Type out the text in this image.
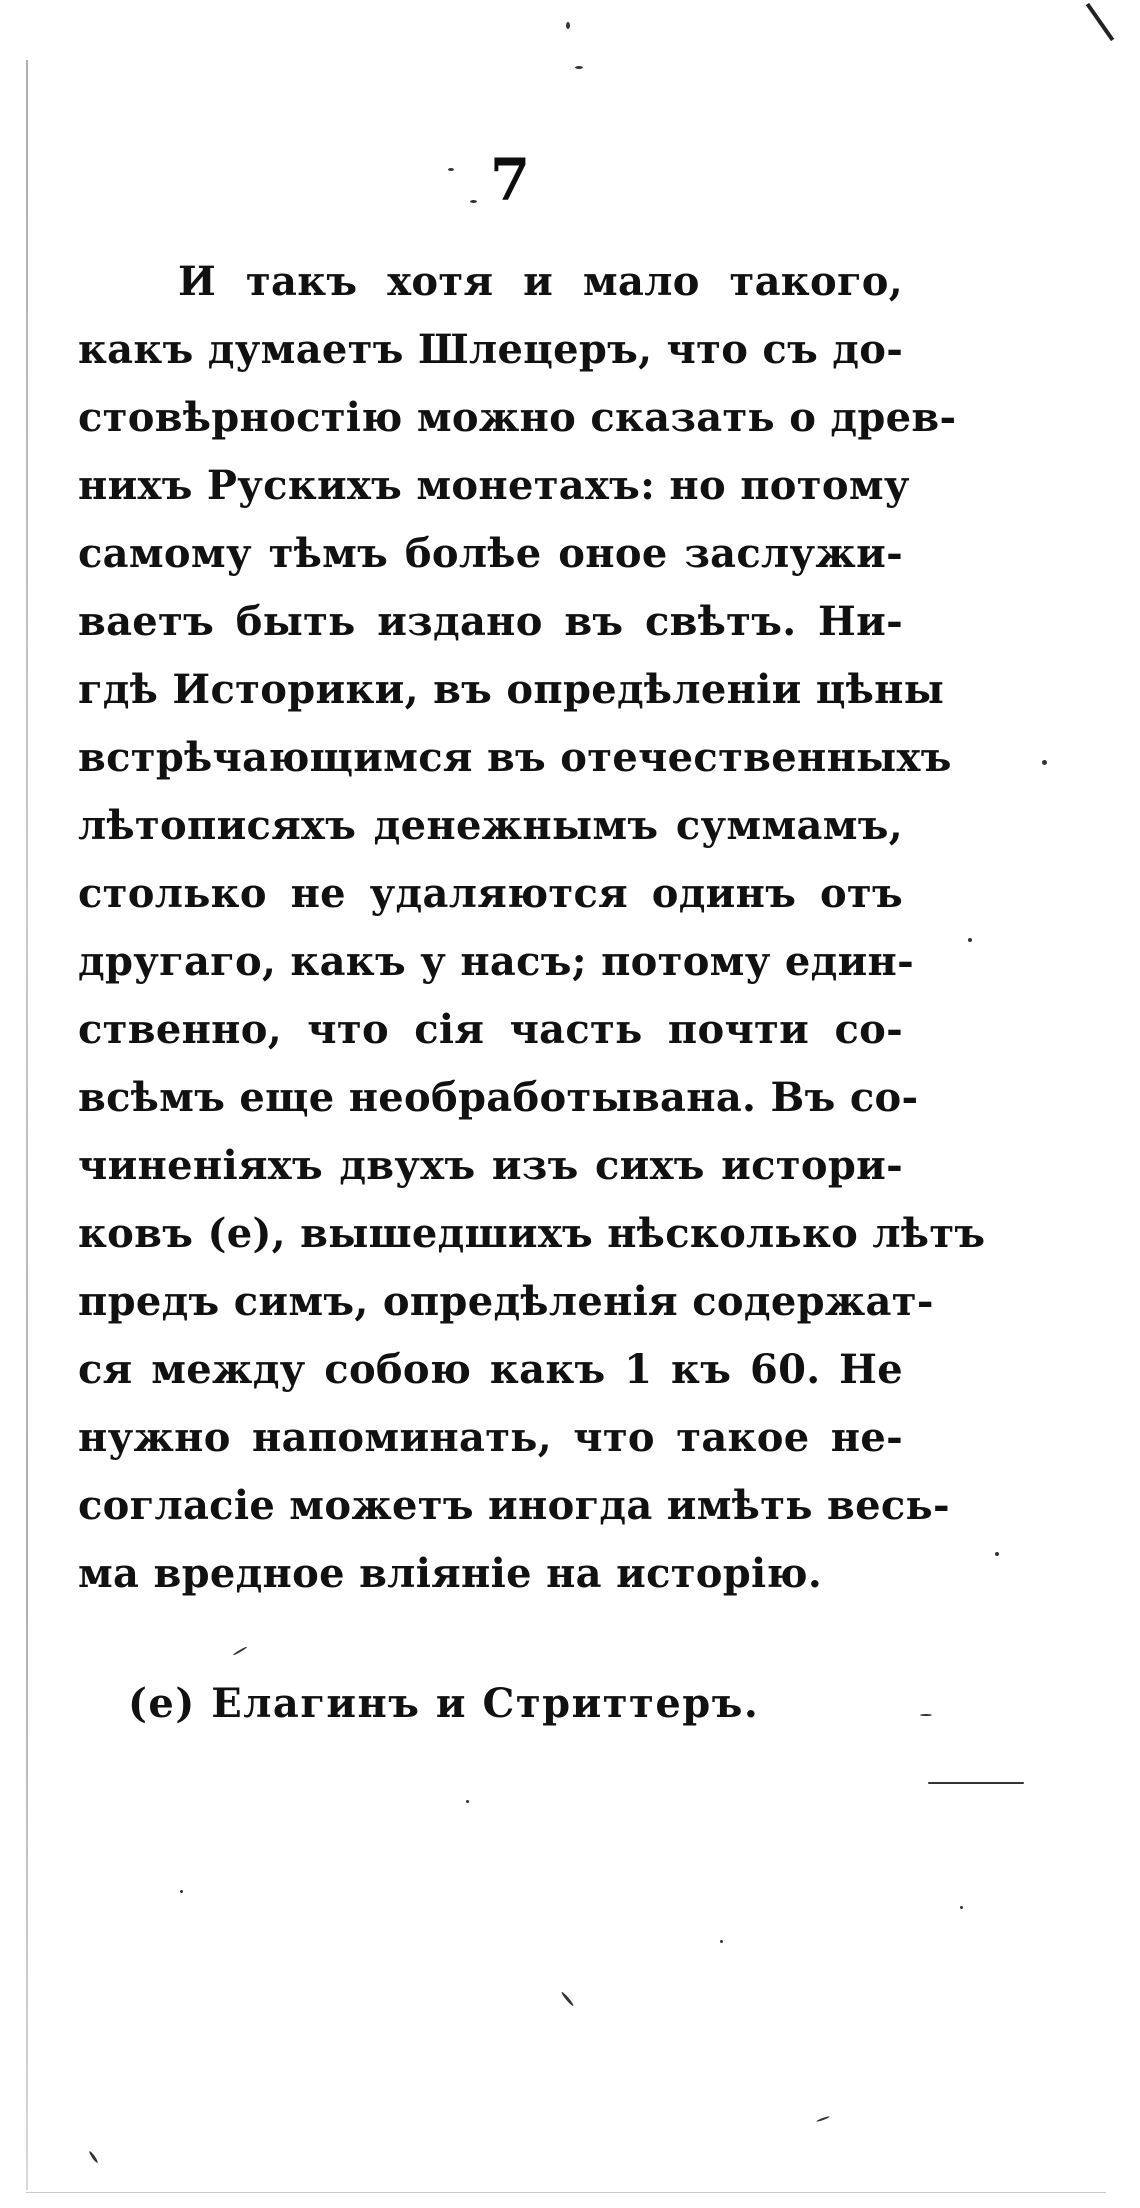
7
И такъ хотя и мало такого,
какъ думаетъ Шлецеръ, что съ до-
стовѣрностію можно сказать о древ-
нихъ Рускихъ монетахъ: но потому
самому тѣмъ болѣе оное заслужи-
ваетъ быть издано въ свѣтъ. Ни-
гдѣ Историки, въ опредѣленіи цѣны
встрѣчающимся въ отечественныхъ
лѣтописяхъ денежнымъ суммамъ,
столько не удаляются одинъ отъ
другаго, какъ у насъ; потому един-
ственно, что сія часть почти со-
всѣмъ еще необработывана. Въ со-
чиненіяхъ двухъ изъ сихъ истори-
ковъ (е), вышедшихъ нѣсколько лѣтъ
предъ симъ, опредѣленія содержат-
ся между собою какъ 1 къ 60. Не
нужно напоминать, что такое не-
согласіе можетъ иногда имѣть весь-
ма вредное вліяніе на исторію.
(е) Елагинъ и Стриттеръ.
